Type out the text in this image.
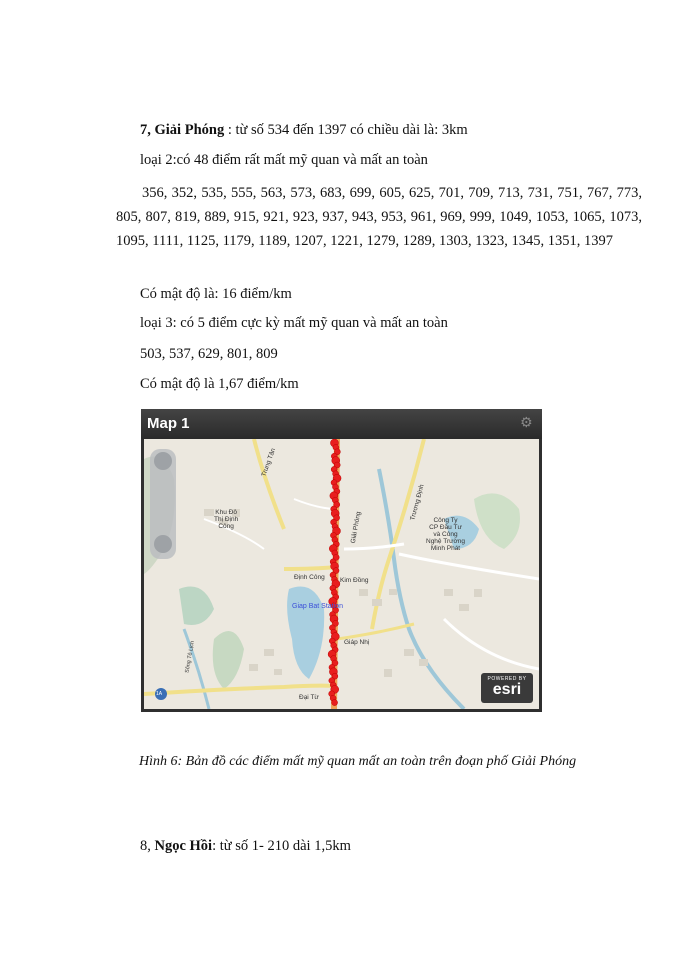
7, Giải Phóng : từ số 534 đến 1397 có chiều dài là: 3km
loại 2:có 48 điểm rất mất mỹ quan và mất an toàn
356, 352, 535, 555, 563, 573, 683, 699, 605, 625, 701, 709, 713, 731, 751, 767, 773, 805, 807, 819, 889, 915, 921, 923, 937, 943, 953, 961, 969, 999, 1049, 1053, 1065, 1073, 1095, 1111, 1125, 1179, 1189, 1207, 1221, 1279, 1289, 1303, 1323, 1345, 1351, 1397
Có mật độ là: 16 điểm/km
loại 3: có 5 điểm cực kỳ mất mỹ quan và mất an toàn
503, 537, 629, 801, 809
Có mật độ là 1,67 điểm/km
Map 1	⚙
Khu Đô
Thị Định
Công
Định Công Kim Đồng
Giải Phóng
Trương Định
Giáp Nhị
Đại Từ
Trung Tân
Sông Tô Lịch
1A
Công Ty
CP Đầu Tư
và Công
Nghệ Trường
Minh Phát
Giap Bat Station
POWERED BY
esri
Hình 6: Bản đồ các điểm mất mỹ quan mất an toàn trên đoạn phố Giải Phóng
8, Ngọc Hồi: từ số 1- 210 dài 1,5km
